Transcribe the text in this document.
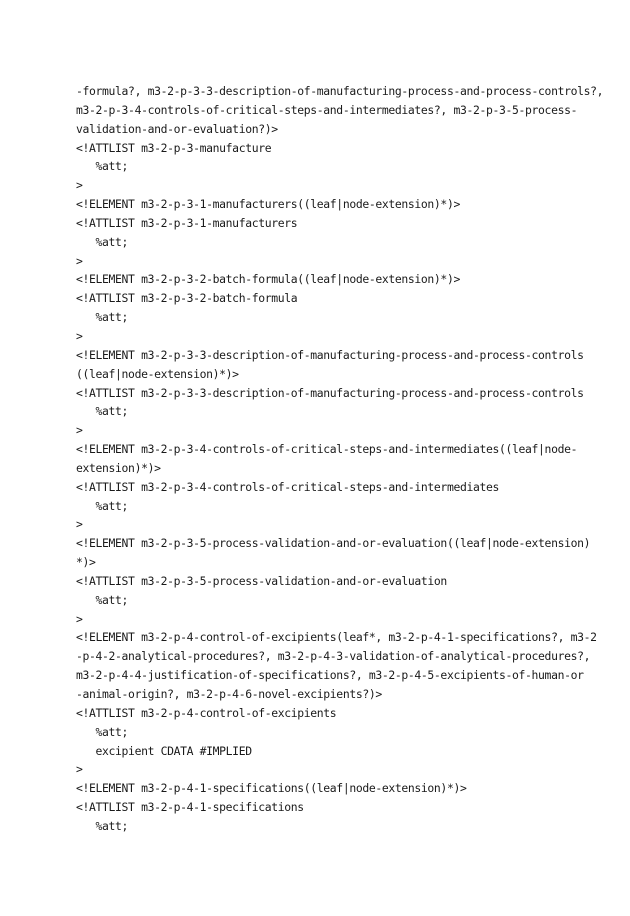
-formula?, m3-2-p-3-3-description-of-manufacturing-process-and-process-controls?,
m3-2-p-3-4-controls-of-critical-steps-and-intermediates?, m3-2-p-3-5-process-
validation-and-or-evaluation?)>
<!ATTLIST m3-2-p-3-manufacture
%att;
>
<!ELEMENT m3-2-p-3-1-manufacturers((leaf|node-extension)*)>
<!ATTLIST m3-2-p-3-1-manufacturers
%att;
>
<!ELEMENT m3-2-p-3-2-batch-formula((leaf|node-extension)*)>
<!ATTLIST m3-2-p-3-2-batch-formula
%att;
>
<!ELEMENT m3-2-p-3-3-description-of-manufacturing-process-and-process-controls
((leaf|node-extension)*)>
<!ATTLIST m3-2-p-3-3-description-of-manufacturing-process-and-process-controls
%att;
>
<!ELEMENT m3-2-p-3-4-controls-of-critical-steps-and-intermediates((leaf|node-
extension)*)>
<!ATTLIST m3-2-p-3-4-controls-of-critical-steps-and-intermediates
%att;
>
<!ELEMENT m3-2-p-3-5-process-validation-and-or-evaluation((leaf|node-extension)
*)>
<!ATTLIST m3-2-p-3-5-process-validation-and-or-evaluation
%att;
>
<!ELEMENT m3-2-p-4-control-of-excipients(leaf*, m3-2-p-4-1-specifications?, m3-2
-p-4-2-analytical-procedures?, m3-2-p-4-3-validation-of-analytical-procedures?,
m3-2-p-4-4-justification-of-specifications?, m3-2-p-4-5-excipients-of-human-or
-animal-origin?, m3-2-p-4-6-novel-excipients?)>
<!ATTLIST m3-2-p-4-control-of-excipients
%att;
excipient CDATA #IMPLIED
>
<!ELEMENT m3-2-p-4-1-specifications((leaf|node-extension)*)>
<!ATTLIST m3-2-p-4-1-specifications
%att;
